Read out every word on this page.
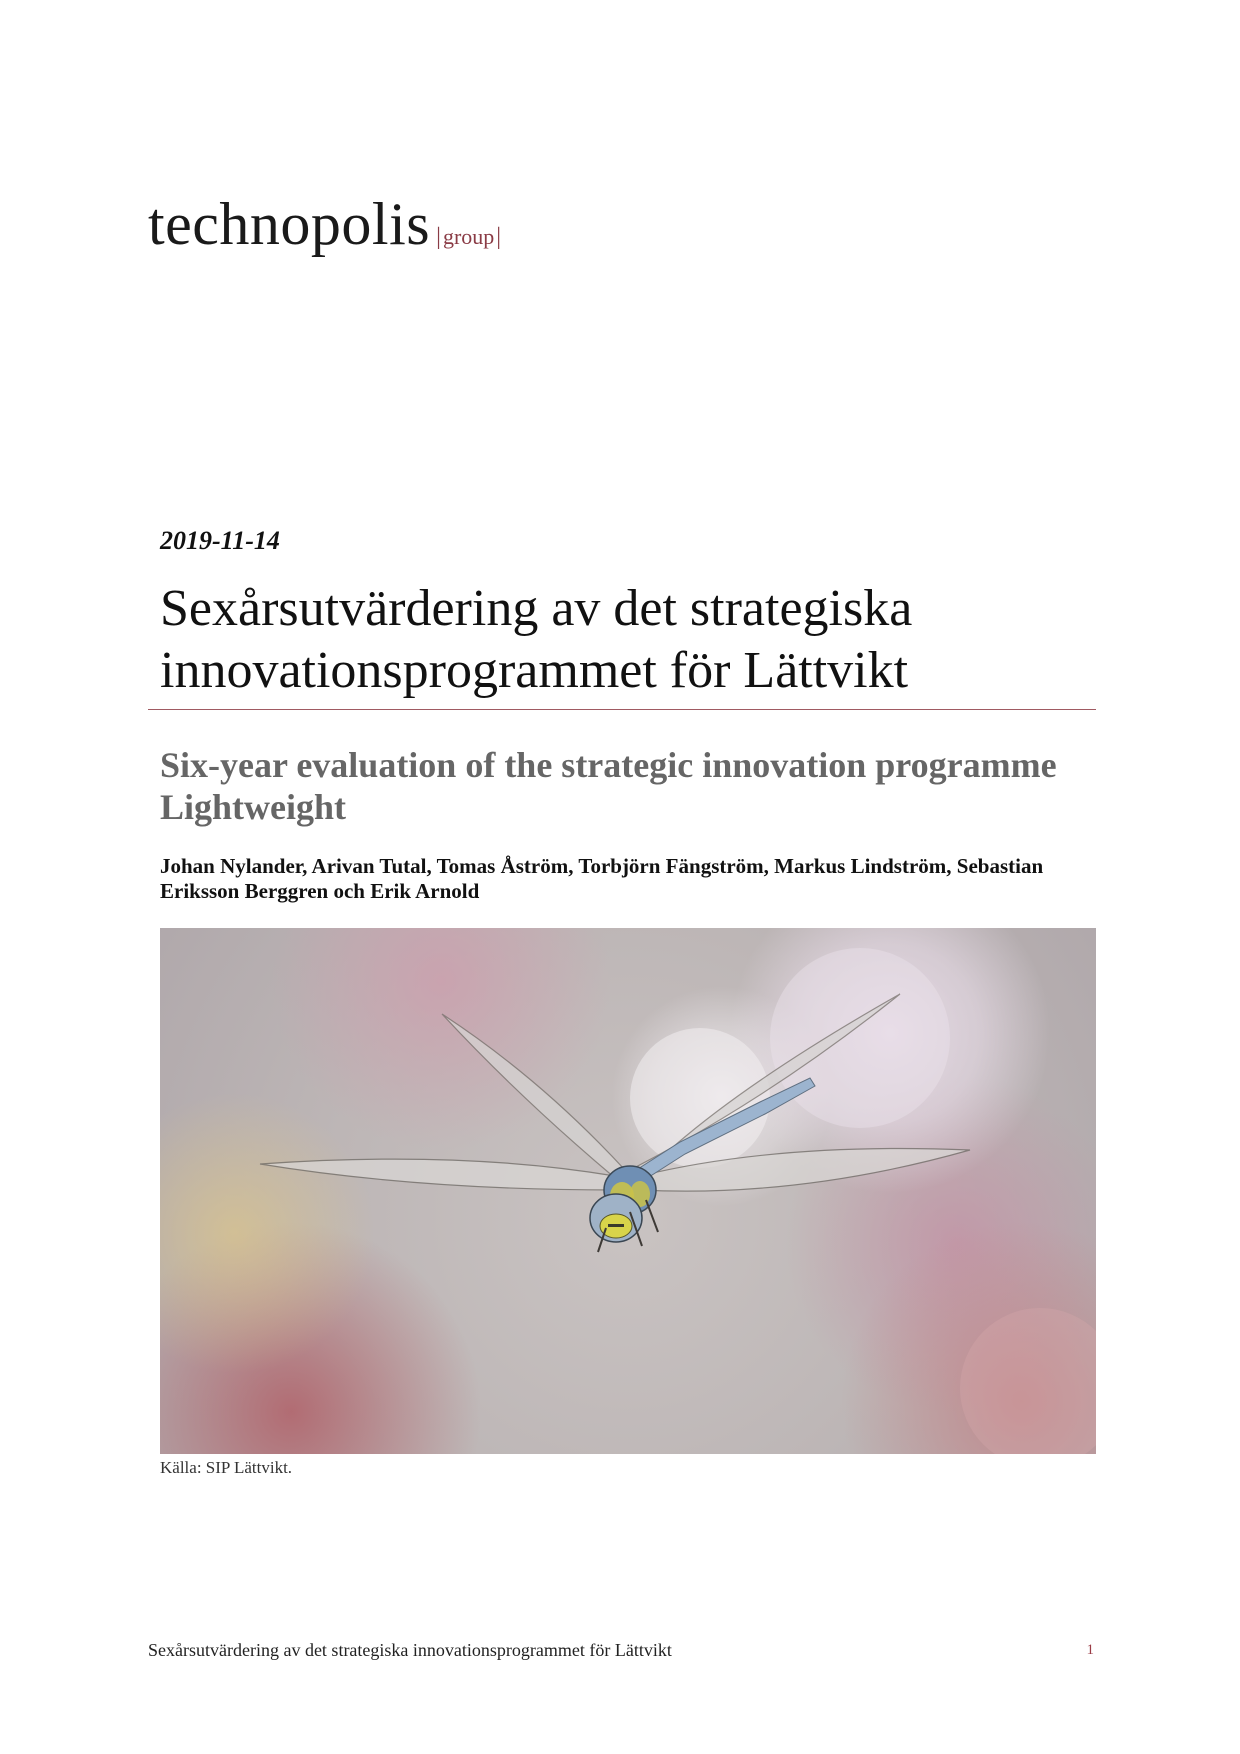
technopolis |group|
2019-11-14
Sexårsutvärdering av det strategiska
innovationsprogrammet för Lättvikt
Six-year evaluation of the strategic innovation programme Lightweight
Johan Nylander, Arivan Tutal, Tomas Åström, Torbjörn Fängström, Markus Lindström, Sebastian Eriksson Berggren och Erik Arnold
Källa: SIP Lättvikt.
Sexårsutvärdering av det strategiska innovationsprogrammet för Lättvikt	1
